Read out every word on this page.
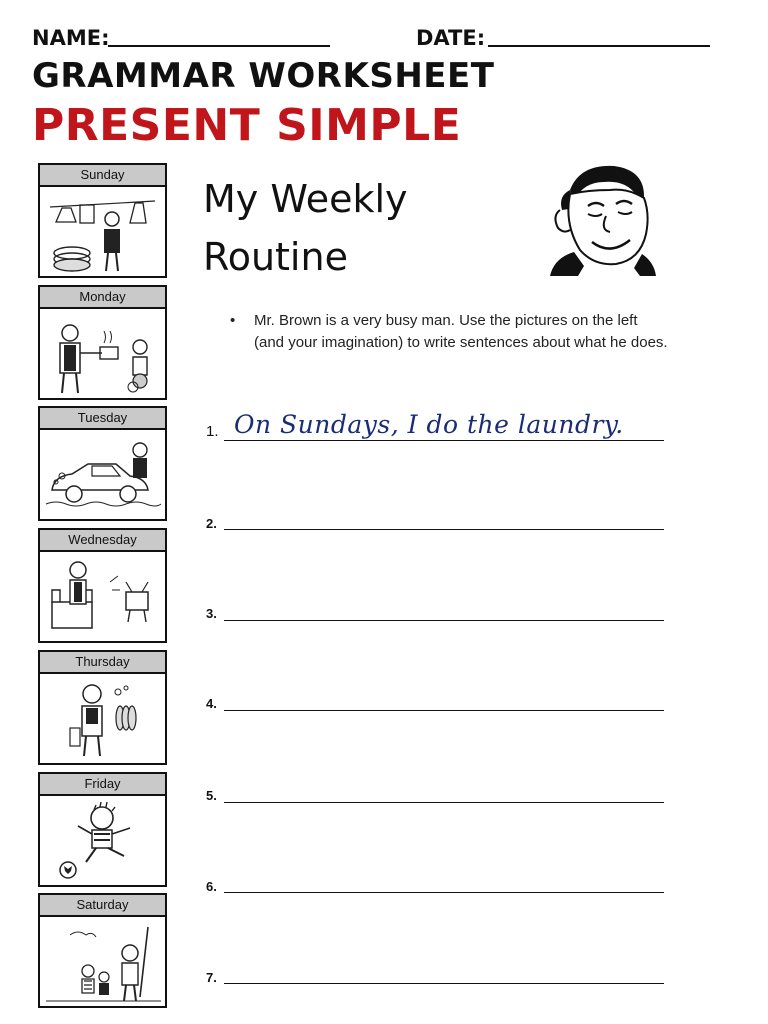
NAME:	DATE:
GRAMMAR WORKSHEET
PRESENT SIMPLE
Sunday
Monday
Tuesday
Wednesday
Thursday
Friday
Saturday
My Weekly
Routine
• Mr. Brown is a very busy man. Use the pictures on the left (and your imagination) to write sentences about what he does.
1. On Sundays, I do the laundry.
2.
3.
4.
5.
6.
7.
